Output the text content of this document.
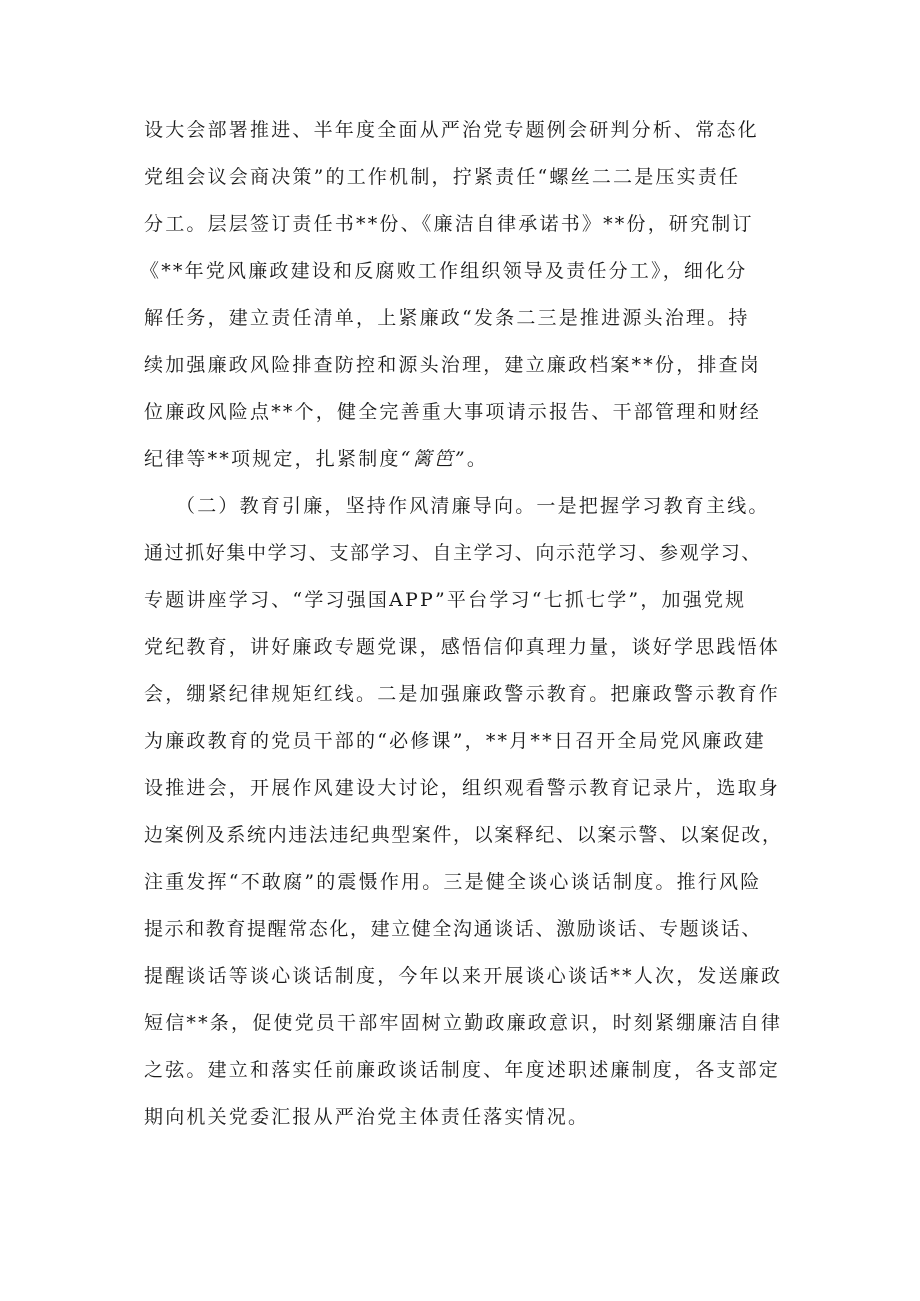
设大会部署推进、半年度全面从严治党专题例会研判分析、常态化
党组会议会商决策”的工作机制，拧紧责任“螺丝二二是压实责任
分工。层层签订责任书**份、《廉洁自律承诺书》**份，研究制订
《**年党风廉政建设和反腐败工作组织领导及责任分工》，细化分
解任务，建立责任清单，上紧廉政“发条二三是推进源头治理。持
续加强廉政风险排查防控和源头治理，建立廉政档案**份，排查岗
位廉政风险点**个，健全完善重大事项请示报告、干部管理和财经
纪律等**项规定，扎紧制度“篱笆”。
（二）教育引廉，坚持作风清廉导向。一是把握学习教育主线。
通过抓好集中学习、支部学习、自主学习、向示范学习、参观学习、
专题讲座学习、“学习强国APP”平台学习“七抓七学”，加强党规
党纪教育，讲好廉政专题党课，感悟信仰真理力量，谈好学思践悟体
会，绷紧纪律规矩红线。二是加强廉政警示教育。把廉政警示教育作
为廉政教育的党员干部的“必修课”，**月**日召开全局党风廉政建
设推进会，开展作风建设大讨论，组织观看警示教育记录片，选取身
边案例及系统内违法违纪典型案件，以案释纪、以案示警、以案促改，
注重发挥“不敢腐”的震慑作用。三是健全谈心谈话制度。推行风险
提示和教育提醒常态化，建立健全沟通谈话、激励谈话、专题谈话、
提醒谈话等谈心谈话制度，今年以来开展谈心谈话**人次，发送廉政
短信**条，促使党员干部牢固树立勤政廉政意识，时刻紧绷廉洁自律
之弦。建立和落实任前廉政谈话制度、年度述职述廉制度，各支部定
期向机关党委汇报从严治党主体责任落实情况。
